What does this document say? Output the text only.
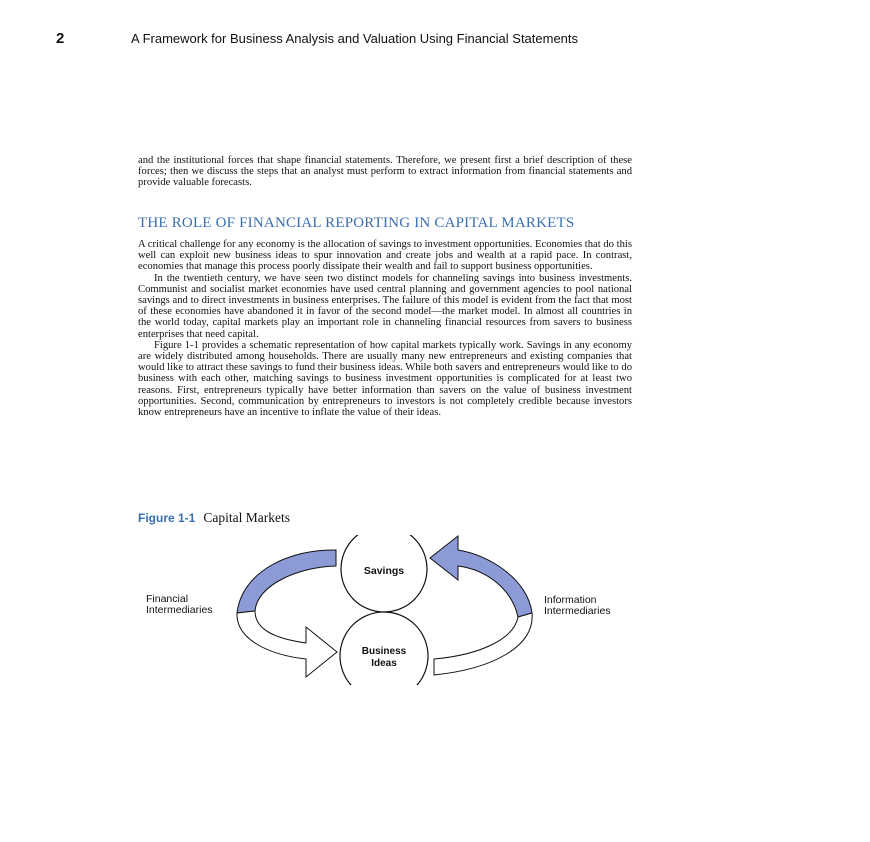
2	A Framework for Business Analysis and Valuation Using Financial Statements
and the institutional forces that shape financial statements. Therefore, we present first a brief description of these forces; then we discuss the steps that an analyst must perform to extract information from financial statements and provide valuable forecasts.
THE ROLE OF FINANCIAL REPORTING IN CAPITAL MARKETS

A critical challenge for any economy is the allocation of savings to investment opportunities. Economies that do this well can exploit new business ideas to spur innovation and create jobs and wealth at a rapid pace. In contrast, economies that manage this process poorly dissipate their wealth and fail to support business opportunities.

In the twentieth century, we have seen two distinct models for channeling savings into business investments. Communist and socialist market economies have used central planning and government agencies to pool national savings and to direct investments in business enterprises. The failure of this model is evident from the fact that most of these economies have abandoned it in favor of the second model—the market model. In almost all countries in the world today, capital markets play an important role in channeling financial resources from savers to business enterprises that need capital.

Figure 1-1 provides a schematic representation of how capital markets typically work. Savings in any economy are widely distributed among households. There are usually many new entrepreneurs and existing companies that would like to attract these savings to fund their business ideas. While both savers and entrepreneurs would like to do business with each other, matching savings to business investment opportunities is complicated for at least two reasons. First, entrepreneurs typically have better information than savers on the value of business investment opportunities. Second, communication by entrepreneurs to investors is not completely credible because investors know entrepreneurs have an incentive to inflate the value of their ideas.

Figure 1-1 Capital Markets
Savings
Business
Ideas
Financial
Intermediaries
Information
Intermediaries
